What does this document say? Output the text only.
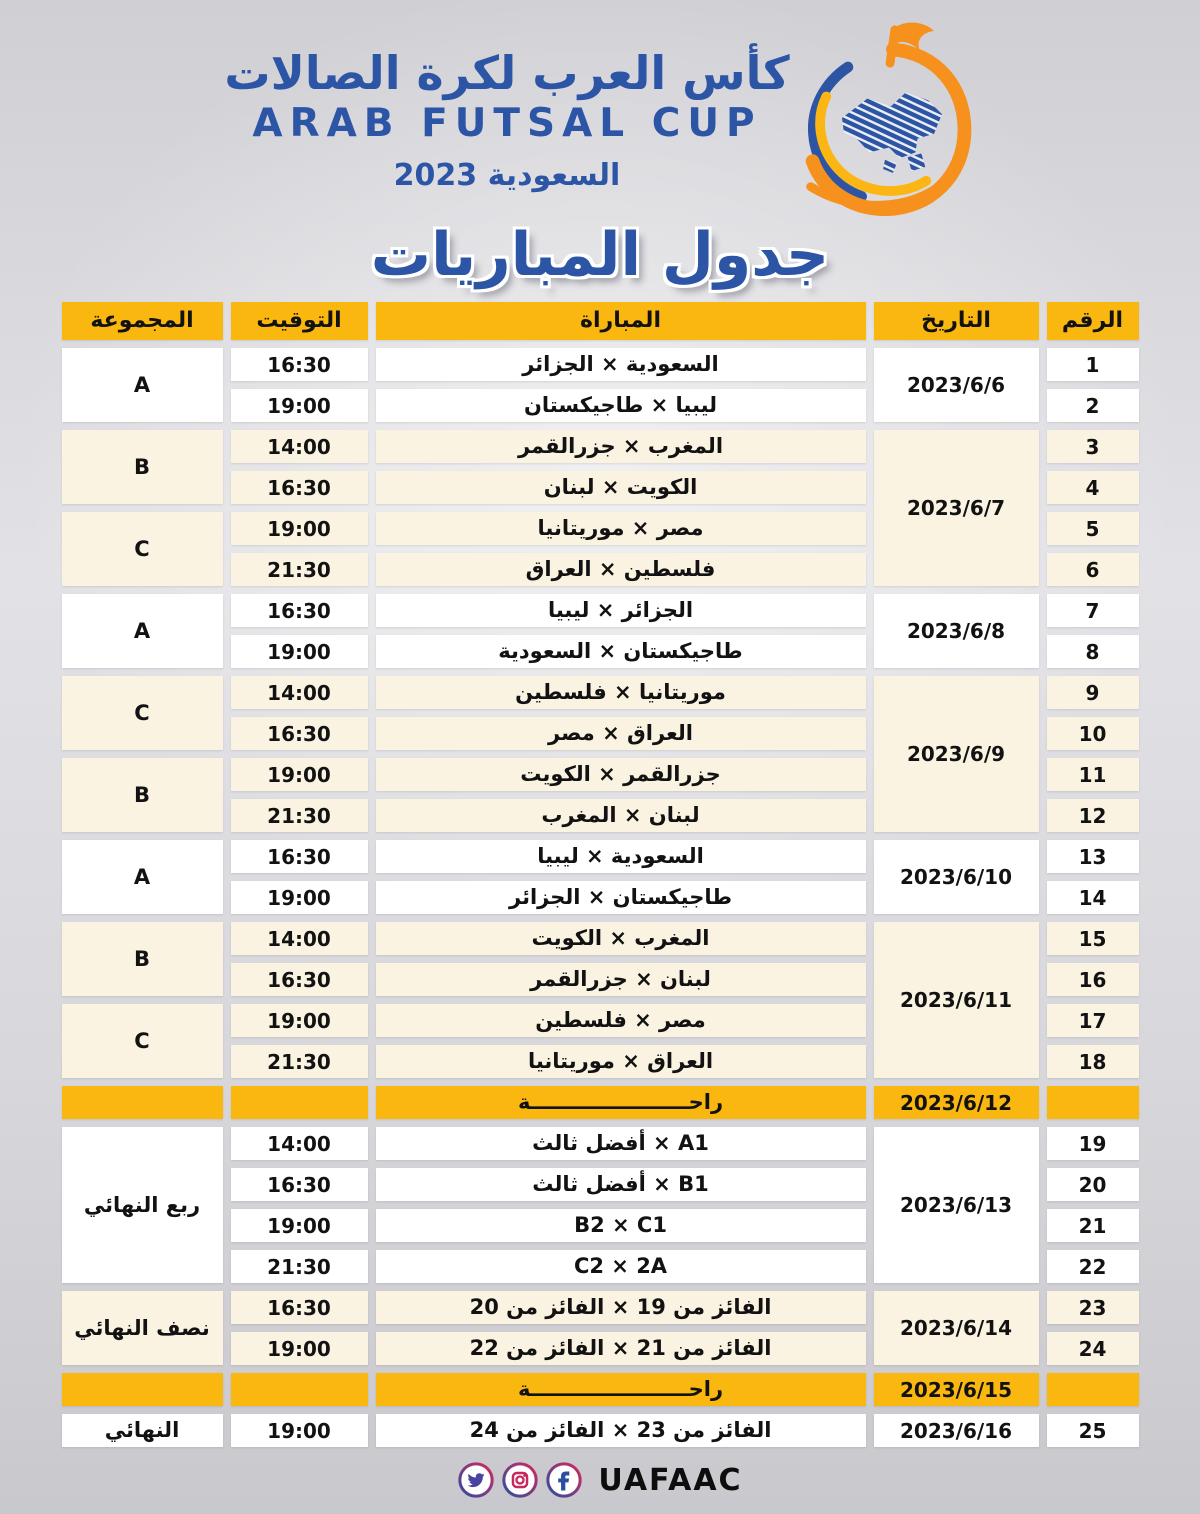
كأس العرب لكرة الصالات
ARAB FUTSAL CUP
السعودية 2023
جدول المباريات
الرقم
التاريخ
المباراة
التوقيت
المجموعة
2023/6/6
A
1
السعودية × الجزائر
16:30
2
ليبيا × طاجيكستان
19:00
2023/6/7
B
C
3
المغرب × جزرالقمر
14:00
4
الكويت × لبنان
16:30
5
مصر × موريتانيا
19:00
6
فلسطين × العراق
21:30
2023/6/8
A
7
الجزائر × ليبيا
16:30
8
طاجيكستان × السعودية
19:00
2023/6/9
C
B
9
موريتانيا × فلسطين
14:00
10
العراق × مصر
16:30
11
جزرالقمر × الكويت
19:00
12
لبنان × المغرب
21:30
2023/6/10
A
13
السعودية × ليبيا
16:30
14
طاجيكستان × الجزائر
19:00
2023/6/11
B
C
15
المغرب × الكويت
14:00
16
لبنان × جزرالقمر
16:30
17
مصر × فلسطين
19:00
18
العراق × موريتانيا
21:30
2023/6/12
راحــــــــــــــــــــــة
2023/6/13
ربع النهائي
19
A1 × أفضل ثالث
14:00
20
B1 × أفضل ثالث
16:30
21
B2 × C1
19:00
22
C2 × 2A
21:30
2023/6/14
نصف النهائي
23
الفائز من 19 × الفائز من 20
16:30
24
الفائز من 21 × الفائز من 22
19:00
2023/6/15
راحــــــــــــــــــــــة
2023/6/16
النهائي	25
الفائز من 23 × الفائز من 24
19:00
UAFAAC
